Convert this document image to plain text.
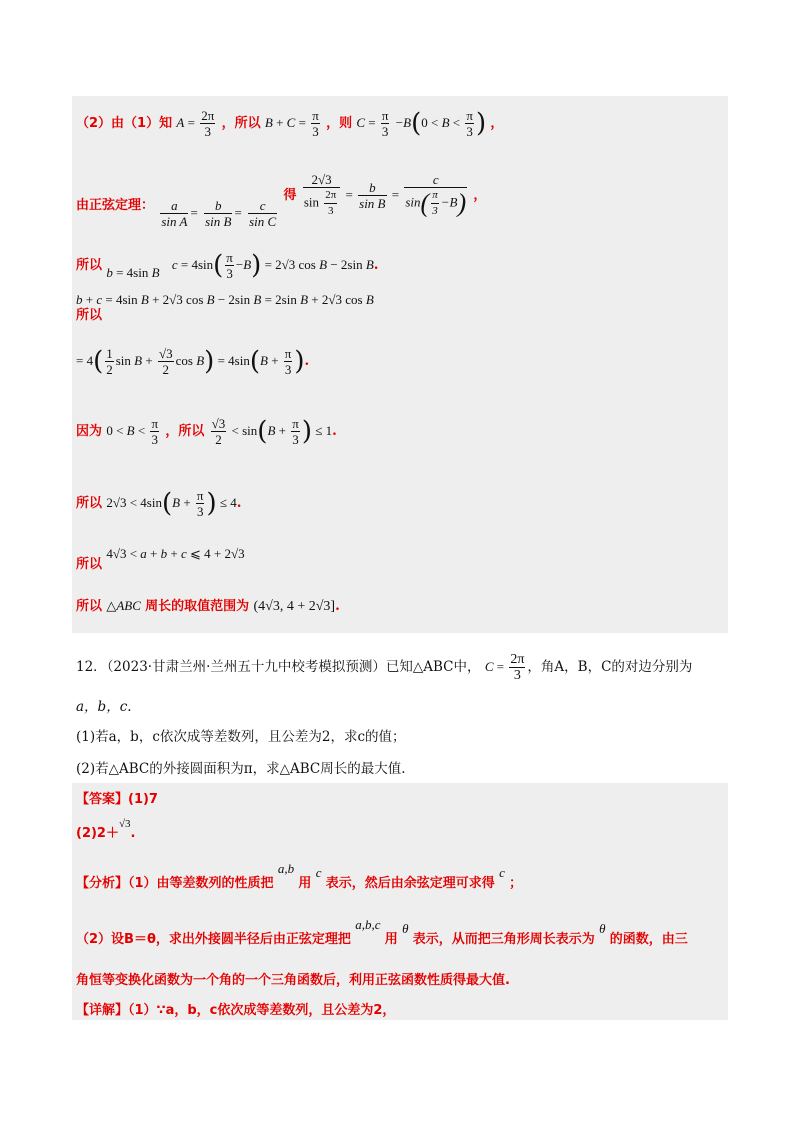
（2）由（1）知 $A = \frac{2\pi}{3}$ ，所以 $B + C = \frac{\pi}{3}$ ，则 $C = \frac{\pi}{3} -B(0 < B < \frac{\pi}{3}$ ) ，
由正弦定理： $\frac{a}{\text{sin A}} = \frac{b}{\text{sin B}} = \frac{c}{\text{sin C}}$
得 $\frac{2√3}{\sin \frac{2\pi}{3}} = \frac{b}{\text{sin B}} = \frac{c}{\sin( \frac{\pi}{3} -B)}$ ，
所以 b = 4sin B $c = 4\sin( \frac{\pi}{3} -B) = 2√3$ cos B − 2sin B.
b + c = 4sin B + 2√3 cos B − 2sin B = 2sin B + 2√3 cos B
所以
= $4( \frac{1}{2}$ $\sin B + \frac{√3}{2}$ $\cos B) = 4\sin(B + \frac{\pi}{3}$ ).
因为 $0 < B < \frac{\pi}{3}$ ，所以 $\frac{√3}{2} < \sin(B + \frac{\pi}{3}$ ) ≤ 1.
所以 $2√3 < 4\sin(B + \frac{\pi}{3}$ ) ≤ 4.
所以 4√3 < a + b + c ⩽ 4 + 2√3
所以 △ABC 周长的取值范围为 (4√3, 4 + 2√3].
12．（2023·甘肃兰州·兰州五十九中校考模拟预测）已知△ABC中， $C = \frac{2\pi}{3}$ ，角A，B，C的对边分别为
a，b，c.
(1)若a，b，c依次成等差数列，且公差为2，求c的值；
(2)若△ABC的外接圆面积为π，求△ABC周长的最大值.
【答案】(1)7
(2)2＋$^{√3}$.
【分析】（1）由等差数列的性质把 a,b 用 c 表示，然后由余弦定理可求得 c ；
（2）设B＝θ，求出外接圆半径后由正弦定理把 a,b,c 用 θ 表示，从而把三角形周长表示为 θ 的函数，由三
角恒等变换化函数为一个角的一个三角函数后，利用正弦函数性质得最大值.
【详解】（1）∵a，b，c依次成等差数列，且公差为2，
